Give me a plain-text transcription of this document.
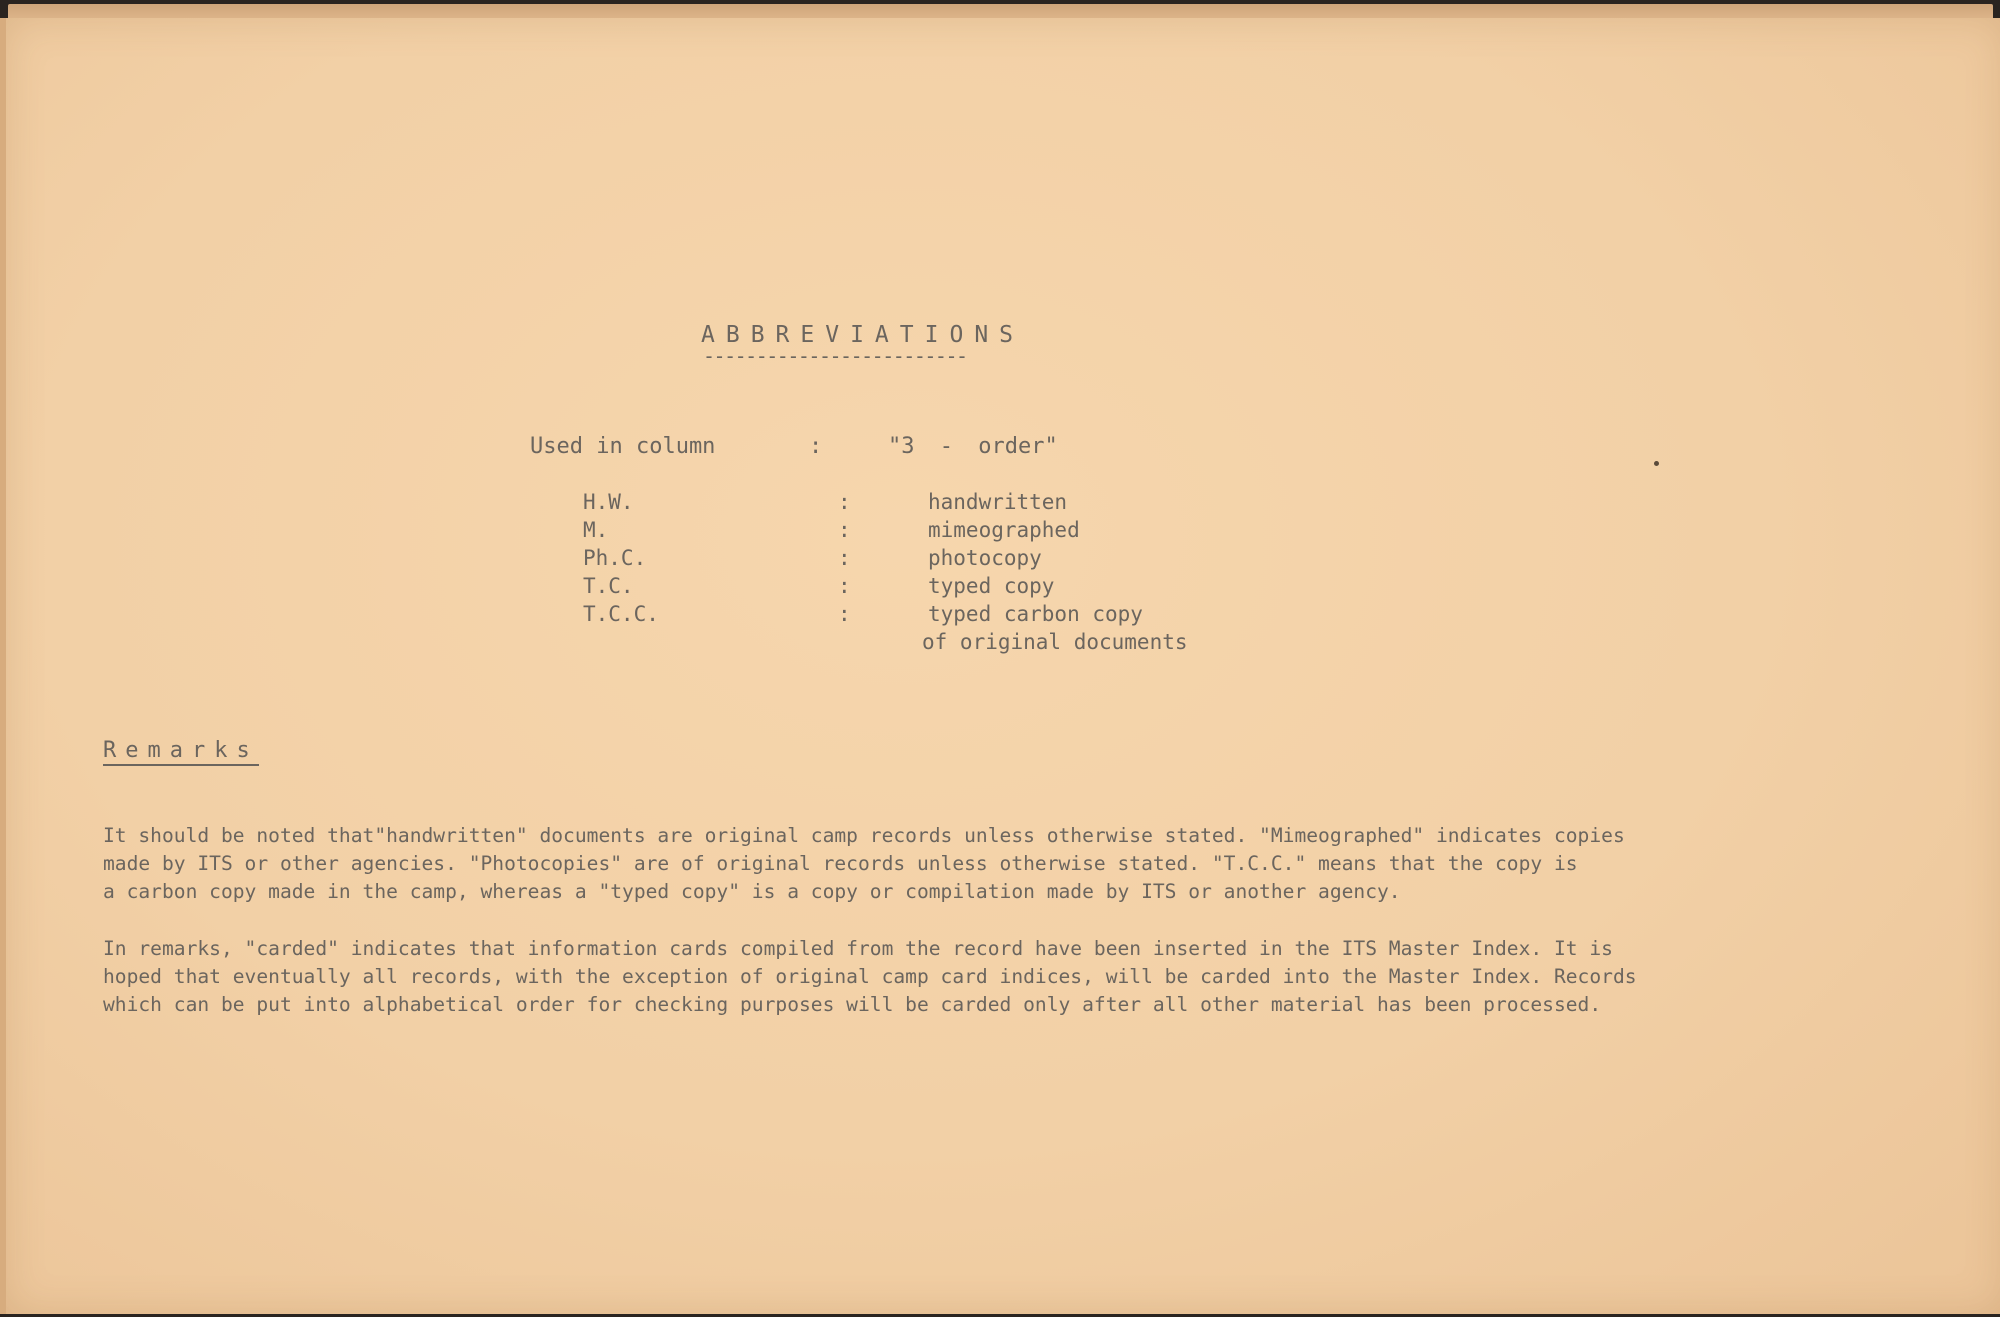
ABBREVIATIONS
-------------------------
Used in column	:	"3 - order"
H.W.	:	handwritten
M.	:	mimeographed
Ph.C.	:	photocopy
T.C.	:	typed copy
T.C.C.	:	typed carbon copy
of original documents
Remarks
It should be noted that"handwritten" documents are original camp records unless otherwise stated. "Mimeographed" indicates copies
made by ITS or other agencies. "Photocopies" are of original records unless otherwise stated. "T.C.C." means that the copy is
a carbon copy made in the camp, whereas a "typed copy" is a copy or compilation made by ITS or another agency.
In remarks, "carded" indicates that information cards compiled from the record have been inserted in the ITS Master Index. It is
hoped that eventually all records, with the exception of original camp card indices, will be carded into the Master Index. Records
which can be put into alphabetical order for checking purposes will be carded only after all other material has been processed.
